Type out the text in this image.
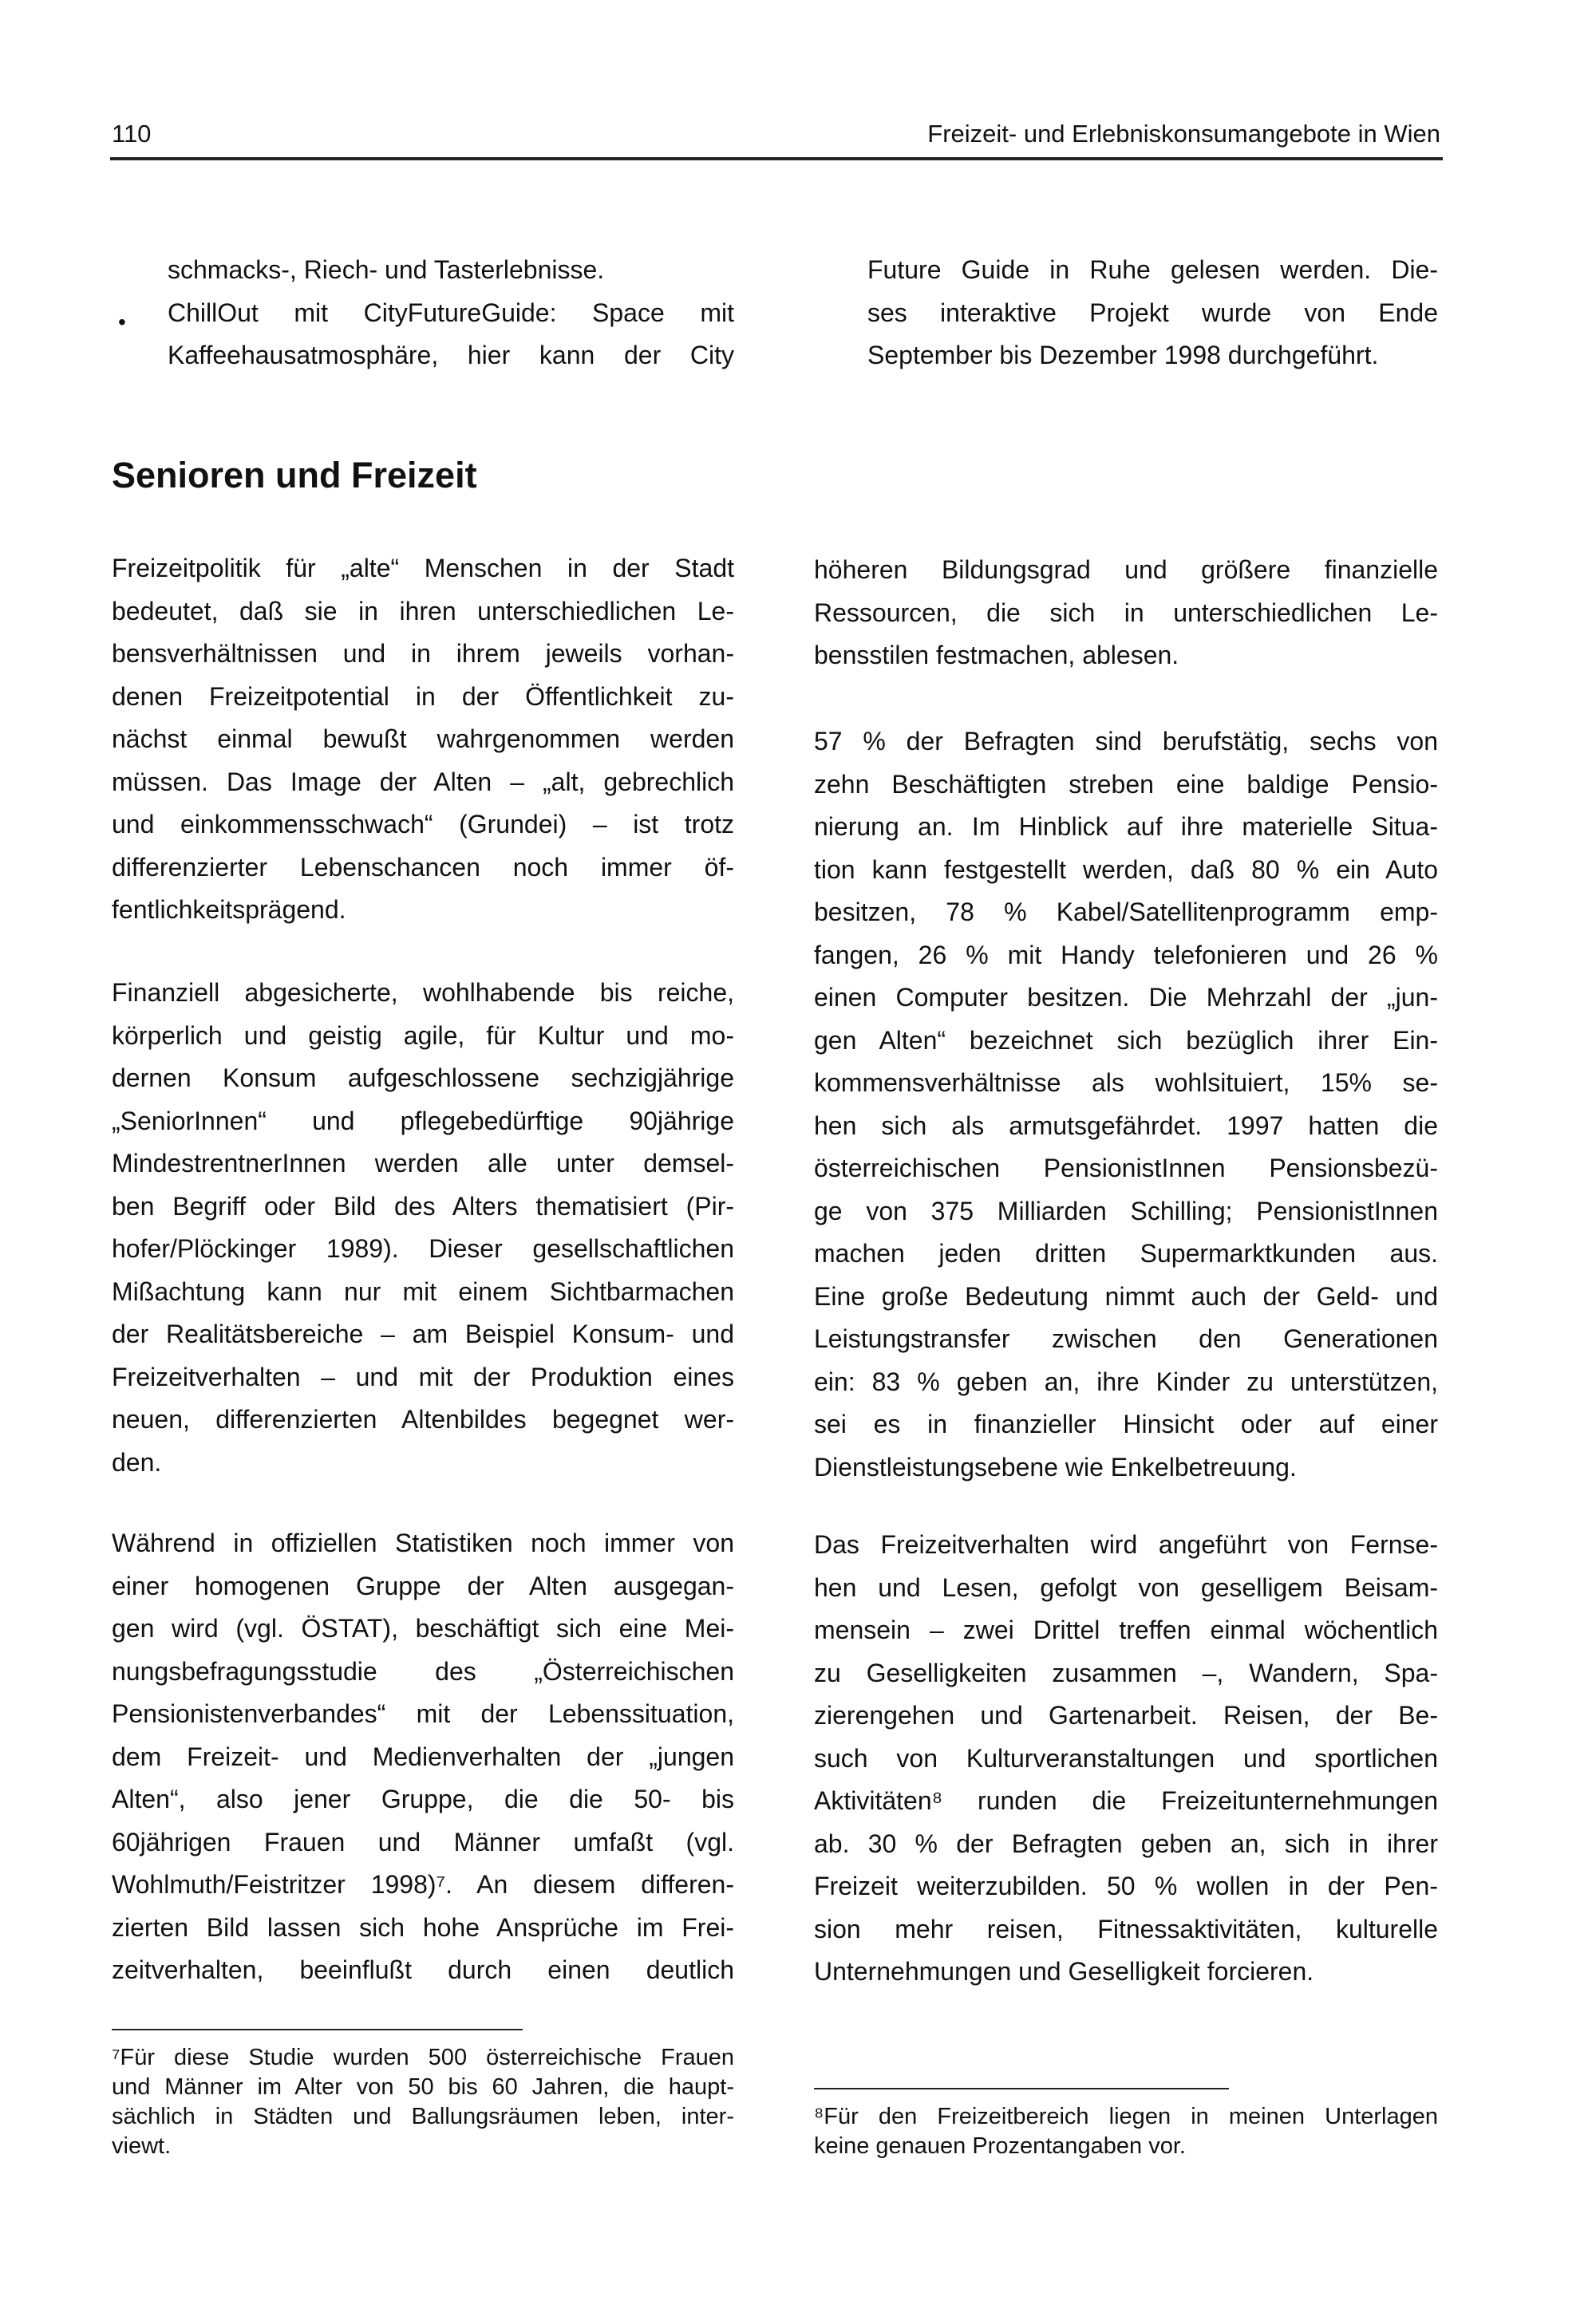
110	Freizeit- und Erlebniskonsumangebote in Wien
•
schmacks-, Riech- und Tasterlebnisse.
ChillOut mit CityFutureGuide: Space mit
Kaffeehausatmosphäre, hier kann der City
Future Guide in Ruhe gelesen werden. Die-
ses interaktive Projekt wurde von Ende
September bis Dezember 1998 durchgeführt.
Senioren und Freizeit
Freizeitpolitik für „alte“ Menschen in der Stadt
bedeutet, daß sie in ihren unterschiedlichen Le-
bensverhältnissen und in ihrem jeweils vorhan-
denen Freizeitpotential in der Öffentlichkeit zu-
nächst einmal bewußt wahrgenommen werden
müssen. Das Image der Alten – „alt, gebrechlich
und einkommensschwach“ (Grundei) – ist trotz
differenzierter Lebenschancen noch immer öf-
fentlichkeitsprägend.
Finanziell abgesicherte, wohlhabende bis reiche,
körperlich und geistig agile, für Kultur und mo-
dernen Konsum aufgeschlossene sechzigjährige
„SeniorInnen“ und pflegebedürftige 90jährige
MindestrentnerInnen werden alle unter demsel-
ben Begriff oder Bild des Alters thematisiert (Pir-
hofer/Plöckinger 1989). Dieser gesellschaftlichen
Mißachtung kann nur mit einem Sichtbarmachen
der Realitätsbereiche – am Beispiel Konsum- und
Freizeitverhalten – und mit der Produktion eines
neuen, differenzierten Altenbildes begegnet wer-
den.
Während in offiziellen Statistiken noch immer von
einer homogenen Gruppe der Alten ausgegan-
gen wird (vgl. ÖSTAT), beschäftigt sich eine Mei-
nungsbefragungsstudie des „Österreichischen
Pensionistenverbandes“ mit der Lebenssituation,
dem Freizeit- und Medienverhalten der „jungen
Alten“, also jener Gruppe, die die 50- bis
60jährigen Frauen und Männer umfaßt (vgl.
Wohlmuth/Feistritzer 1998)⁷. An diesem differen-
zierten Bild lassen sich hohe Ansprüche im Frei-
zeitverhalten, beeinflußt durch einen deutlich
höheren Bildungsgrad und größere finanzielle
Ressourcen, die sich in unterschiedlichen Le-
bensstilen festmachen, ablesen.
57 % der Befragten sind berufstätig, sechs von
zehn Beschäftigten streben eine baldige Pensio-
nierung an. Im Hinblick auf ihre materielle Situa-
tion kann festgestellt werden, daß 80 % ein Auto
besitzen, 78 % Kabel/Satellitenprogramm emp-
fangen, 26 % mit Handy telefonieren und 26 %
einen Computer besitzen. Die Mehrzahl der „jun-
gen Alten“ bezeichnet sich bezüglich ihrer Ein-
kommensverhältnisse als wohlsituiert, 15% se-
hen sich als armutsgefährdet. 1997 hatten die
österreichischen PensionistInnen Pensionsbezü-
ge von 375 Milliarden Schilling; PensionistInnen
machen jeden dritten Supermarktkunden aus.
Eine große Bedeutung nimmt auch der Geld- und
Leistungstransfer zwischen den Generationen
ein: 83 % geben an, ihre Kinder zu unterstützen,
sei es in finanzieller Hinsicht oder auf einer
Dienstleistungsebene wie Enkelbetreuung.
Das Freizeitverhalten wird angeführt von Fernse-
hen und Lesen, gefolgt von geselligem Beisam-
mensein – zwei Drittel treffen einmal wöchentlich
zu Geselligkeiten zusammen –, Wandern, Spa-
zierengehen und Gartenarbeit. Reisen, der Be-
such von Kulturveranstaltungen und sportlichen
Aktivitäten⁸ runden die Freizeitunternehmungen
ab. 30 % der Befragten geben an, sich in ihrer
Freizeit weiterzubilden. 50 % wollen in der Pen-
sion mehr reisen, Fitnessaktivitäten, kulturelle
Unternehmungen und Geselligkeit forcieren.
⁷Für diese Studie wurden 500 österreichische Frauen
und Männer im Alter von 50 bis 60 Jahren, die haupt-
sächlich in Städten und Ballungsräumen leben, inter-
viewt.
⁸Für den Freizeitbereich liegen in meinen Unterlagen
keine genauen Prozentangaben vor.
